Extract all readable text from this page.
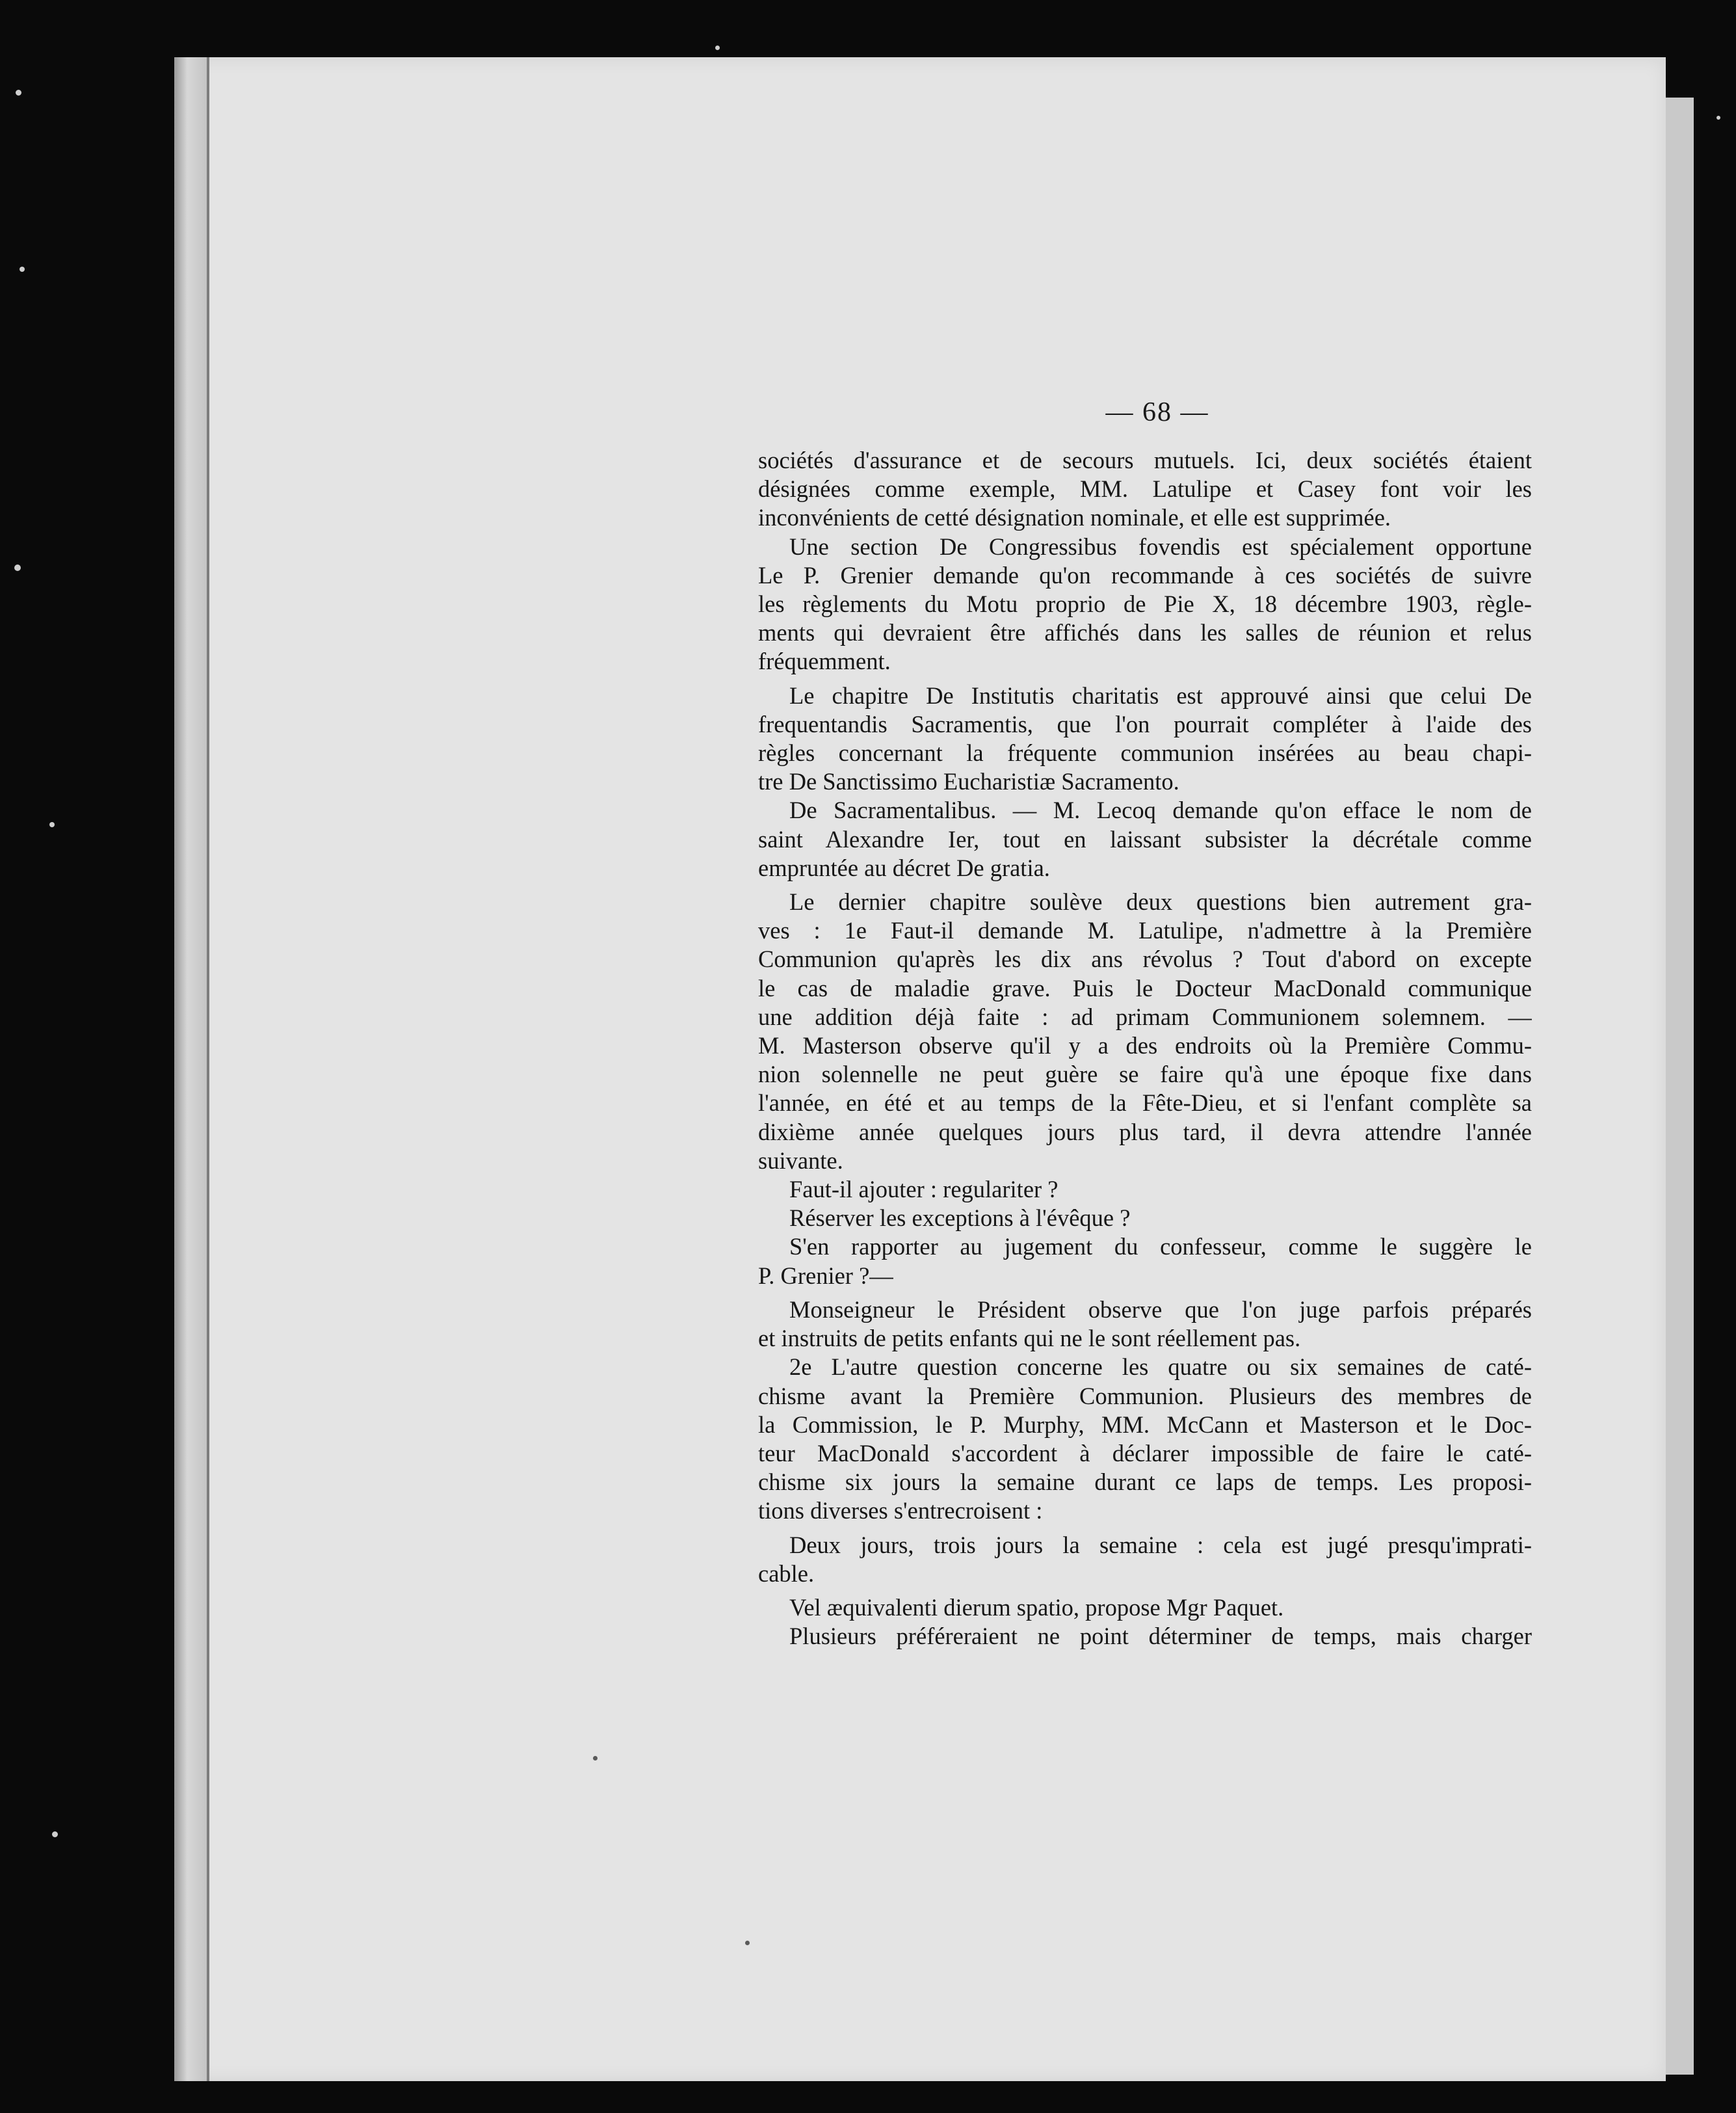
— 68 —
sociétés d'assurance et de secours mutuels. Ici, deux sociétés étaient
désignées comme exemple, MM. Latulipe et Casey font voir les
inconvénients de cetté désignation nominale, et elle est supprimée.
Une section De Congressibus fovendis est spécialement opportune
Le P. Grenier demande qu'on recommande à ces sociétés de suivre
les règlements du Motu proprio de Pie X, 18 décembre 1903, règle-
ments qui devraient être affichés dans les salles de réunion et relus
fréquemment.
Le chapitre De Institutis charitatis est approuvé ainsi que celui De
frequentandis Sacramentis, que l'on pourrait compléter à l'aide des
règles concernant la fréquente communion insérées au beau chapi-
tre De Sanctissimo Eucharistiæ Sacramento.
De Sacramentalibus. — M. Lecoq demande qu'on efface le nom de
saint Alexandre Ier, tout en laissant subsister la décrétale comme
empruntée au décret De gratia.
Le dernier chapitre soulève deux questions bien autrement gra-
ves : 1e Faut-il demande M. Latulipe, n'admettre à la Première
Communion qu'après les dix ans révolus ? Tout d'abord on excepte
le cas de maladie grave. Puis le Docteur MacDonald communique
une addition déjà faite : ad primam Communionem solemnem. —
M. Masterson observe qu'il y a des endroits où la Première Commu-
nion solennelle ne peut guère se faire qu'à une époque fixe dans
l'année, en été et au temps de la Fête-Dieu, et si l'enfant complète sa
dixième année quelques jours plus tard, il devra attendre l'année
suivante.
Faut-il ajouter : regulariter ?
Réserver les exceptions à l'évêque ?
S'en rapporter au jugement du confesseur, comme le suggère le
P. Grenier ?—
Monseigneur le Président observe que l'on juge parfois préparés
et instruits de petits enfants qui ne le sont réellement pas.
2e L'autre question concerne les quatre ou six semaines de caté-
chisme avant la Première Communion. Plusieurs des membres de
la Commission, le P. Murphy, MM. McCann et Masterson et le Doc-
teur MacDonald s'accordent à déclarer impossible de faire le caté-
chisme six jours la semaine durant ce laps de temps. Les proposi-
tions diverses s'entrecroisent :
Deux jours, trois jours la semaine : cela est jugé presqu'imprati-
cable.
Vel æquivalenti dierum spatio, propose Mgr Paquet.
Plusieurs préféreraient ne point déterminer de temps, mais charger
